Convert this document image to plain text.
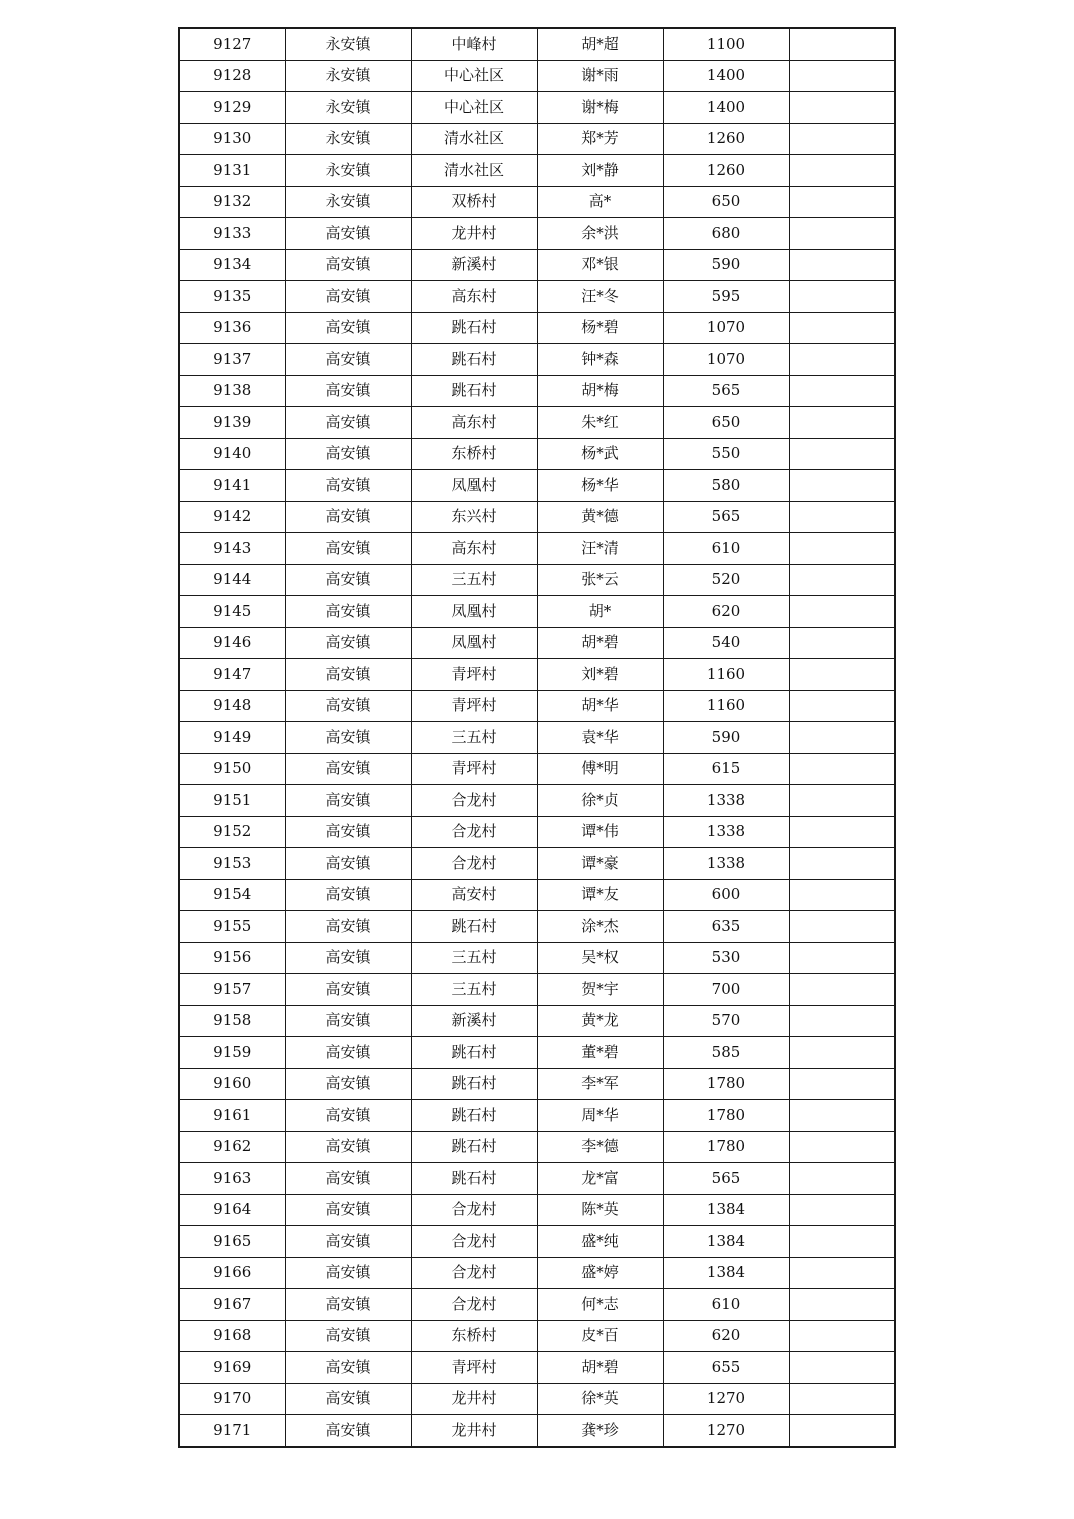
9127	永安镇	中峰村	胡*超	1100	
9128	永安镇	中心社区	谢*雨	1400	
9129	永安镇	中心社区	谢*梅	1400	
9130	永安镇	清水社区	郑*芳	1260	
9131	永安镇	清水社区	刘*静	1260	
9132	永安镇	双桥村	高*	650	
9133	高安镇	龙井村	余*洪	680	
9134	高安镇	新溪村	邓*银	590	
9135	高安镇	高东村	汪*冬	595	
9136	高安镇	跳石村	杨*碧	1070	
9137	高安镇	跳石村	钟*森	1070	
9138	高安镇	跳石村	胡*梅	565	
9139	高安镇	高东村	朱*红	650	
9140	高安镇	东桥村	杨*武	550	
9141	高安镇	凤凰村	杨*华	580	
9142	高安镇	东兴村	黄*德	565	
9143	高安镇	高东村	汪*清	610	
9144	高安镇	三五村	张*云	520	
9145	高安镇	凤凰村	胡*	620	
9146	高安镇	凤凰村	胡*碧	540	
9147	高安镇	青坪村	刘*碧	1160	
9148	高安镇	青坪村	胡*华	1160	
9149	高安镇	三五村	袁*华	590	
9150	高安镇	青坪村	傅*明	615	
9151	高安镇	合龙村	徐*贞	1338	
9152	高安镇	合龙村	谭*伟	1338	
9153	高安镇	合龙村	谭*豪	1338	
9154	高安镇	高安村	谭*友	600	
9155	高安镇	跳石村	涂*杰	635	
9156	高安镇	三五村	吴*权	530	
9157	高安镇	三五村	贺*宇	700	
9158	高安镇	新溪村	黄*龙	570	
9159	高安镇	跳石村	董*碧	585	
9160	高安镇	跳石村	李*军	1780	
9161	高安镇	跳石村	周*华	1780	
9162	高安镇	跳石村	李*德	1780	
9163	高安镇	跳石村	龙*富	565	
9164	高安镇	合龙村	陈*英	1384	
9165	高安镇	合龙村	盛*纯	1384	
9166	高安镇	合龙村	盛*婷	1384	
9167	高安镇	合龙村	何*志	610	
9168	高安镇	东桥村	皮*百	620	
9169	高安镇	青坪村	胡*碧	655	
9170	高安镇	龙井村	徐*英	1270	
9171	高安镇	龙井村	龚*珍	1270	
